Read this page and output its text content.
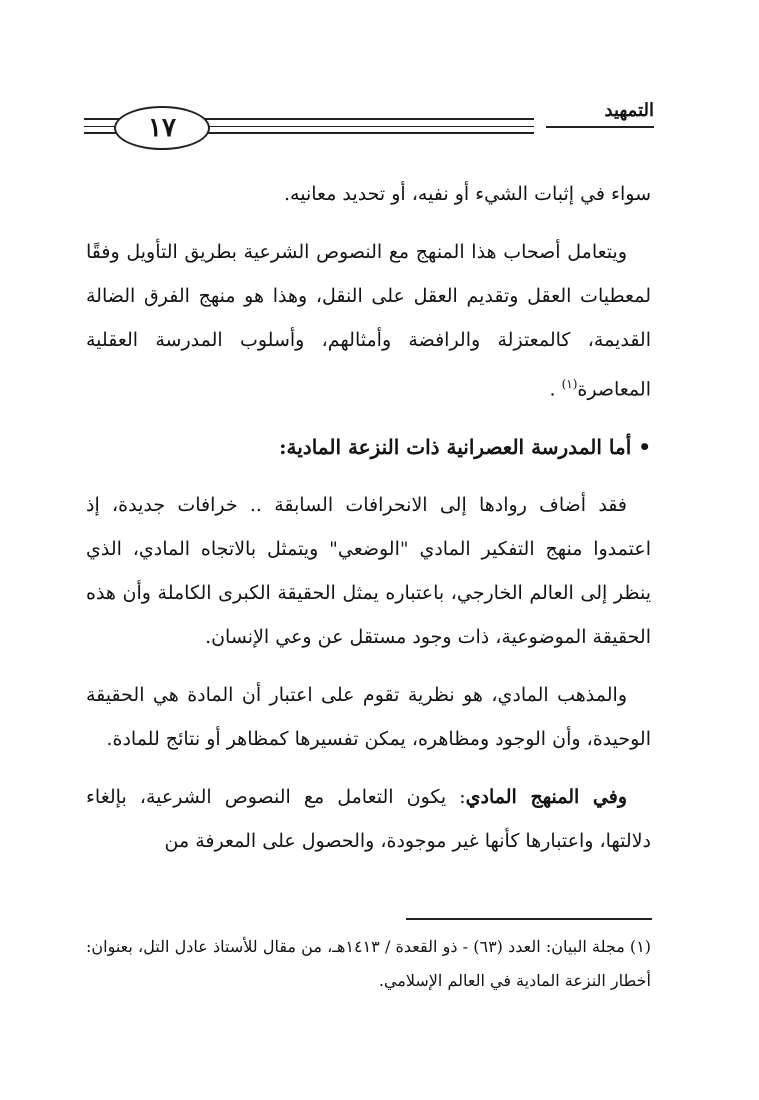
١٧
التمهيد

سواء في إثبات الشيء أو نفيه، أو تحديد معانيه.

ويتعامل أصحاب هذا المنهج مع النصوص الشرعية بطريق التأويل وفقًا لمعطيات العقل وتقديم العقل على النقل، وهذا هو منهج الفرق الضالة القديمة، كالمعتزلة والرافضة وأمثالهم، وأسلوب المدرسة العقلية المعاصرة$^{(١)}$ .

• أما المدرسة العصرانية ذات النزعة المادية:

فقد أضاف روادها إلى الانحرافات السابقة .. خرافات جديدة، إذ اعتمدوا منهج التفكير المادي "الوضعي" ويتمثل بالاتجاه المادي، الذي ينظر إلى العالم الخارجي، باعتباره يمثل الحقيقة الكبرى الكاملة وأن هذه الحقيقة الموضوعية، ذات وجود مستقل عن وعي الإنسان.

والمذهب المادي، هو نظرية تقوم على اعتبار أن المادة هي الحقيقة الوحيدة، وأن الوجود ومظاهره، يمكن تفسيرها كمظاهر أو نتائج للمادة.

وفي المنهج المادي: يكون التعامل مع النصوص الشرعية، بإلغاء دلالتها، واعتبارها كأنها غير موجودة، والحصول على المعرفة من

(١) مجلة البيان: العدد (٦٣) - ذو القعدة / ١٤١٣هـ، من مقال للأستاذ عادل التل، بعنوان: أخطار النزعة المادية في العالم الإسلامي.
